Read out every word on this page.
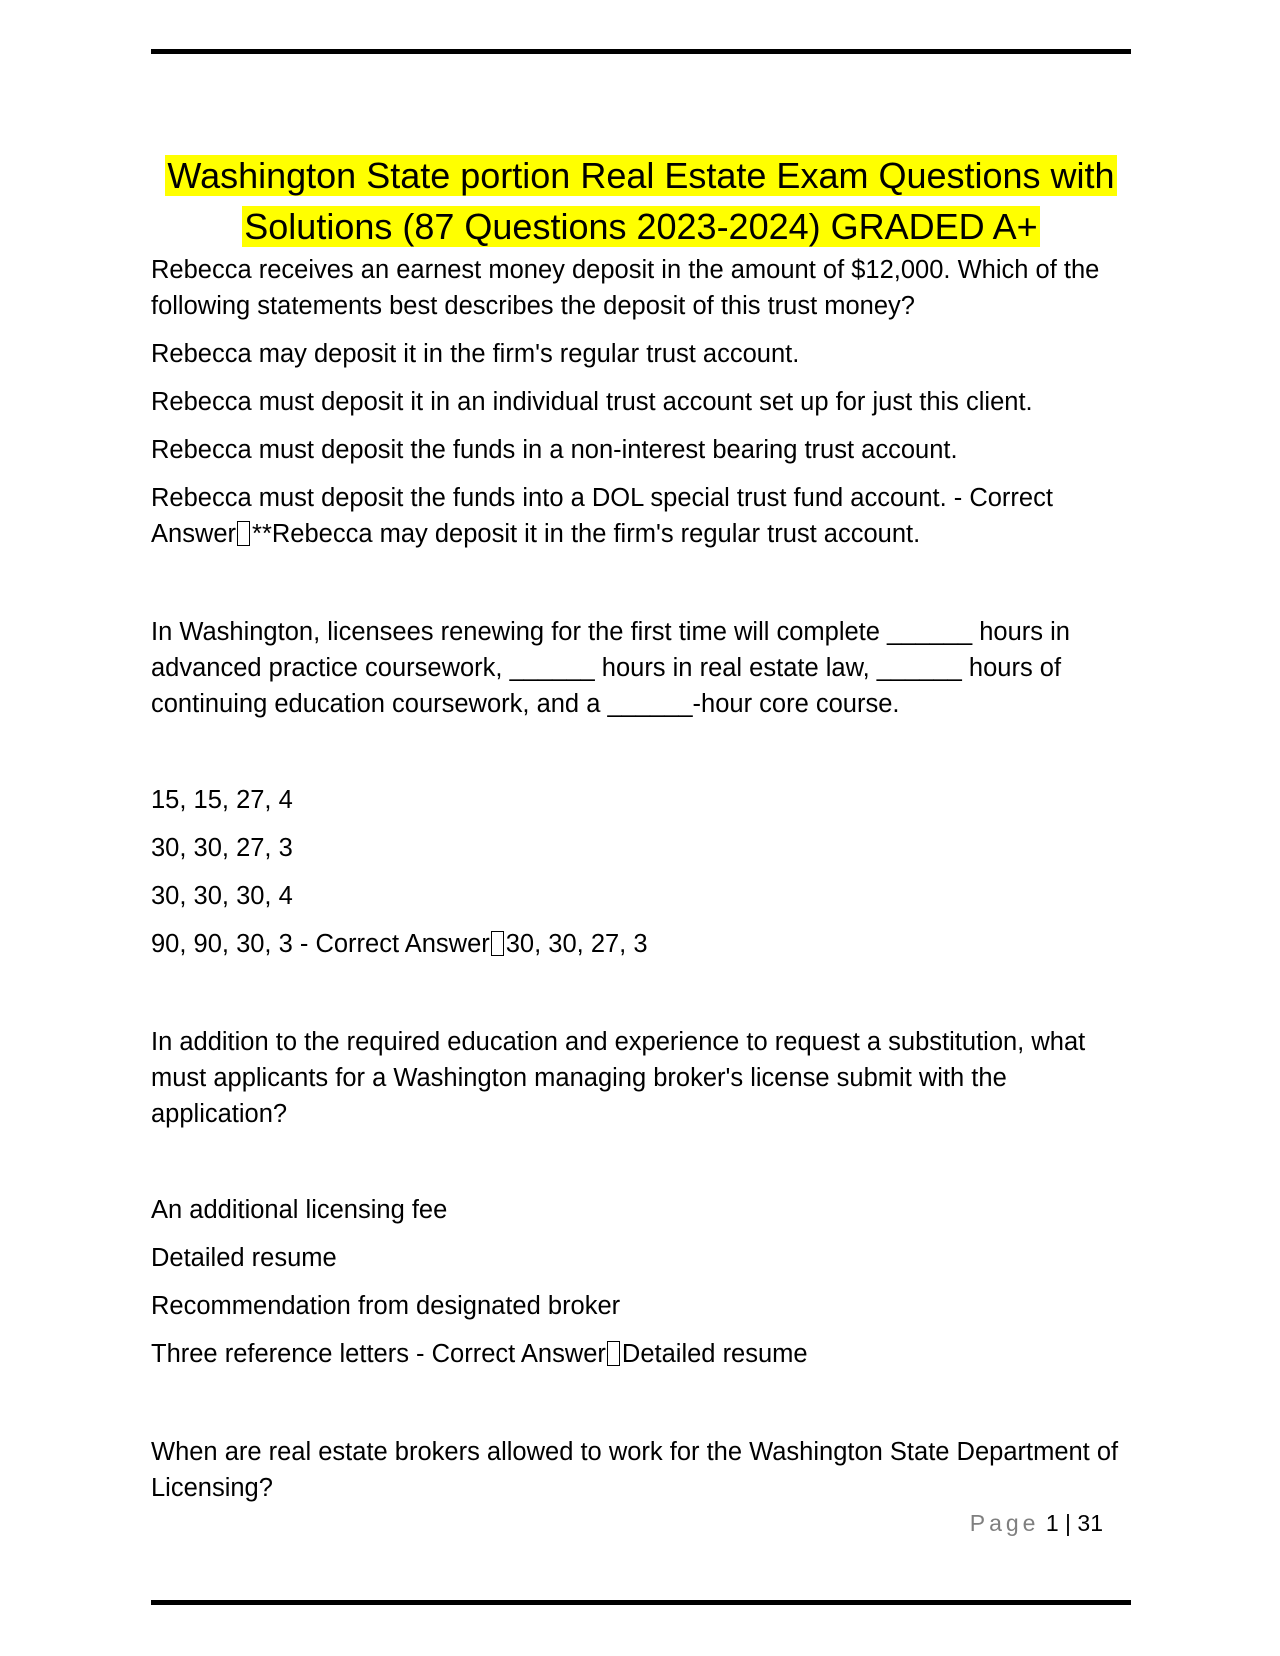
Washington State portion Real Estate Exam Questions with Solutions (87 Questions 2023-2024) GRADED A+

Rebecca receives an earnest money deposit in the amount of $12,000. Which of the following statements best describes the deposit of this trust money?

Rebecca may deposit it in the firm's regular trust account.

Rebecca must deposit it in an individual trust account set up for just this client.

Rebecca must deposit the funds in a non-interest bearing trust account.

Rebecca must deposit the funds into a DOL special trust fund account. - Correct Answer **Rebecca may deposit it in the firm's regular trust account.

In Washington, licensees renewing for the first time will complete ______ hours in advanced practice coursework, ______ hours in real estate law, ______ hours of continuing education coursework, and a ______-hour core course.

15, 15, 27, 4

30, 30, 27, 3

30, 30, 30, 4

90, 90, 30, 3 - Correct Answer 30, 30, 27, 3

In addition to the required education and experience to request a substitution, what must applicants for a Washington managing broker's license submit with the application?

An additional licensing fee

Detailed resume

Recommendation from designated broker

Three reference letters - Correct Answer Detailed resume

When are real estate brokers allowed to work for the Washington State Department of Licensing?

Page 1 | 31
